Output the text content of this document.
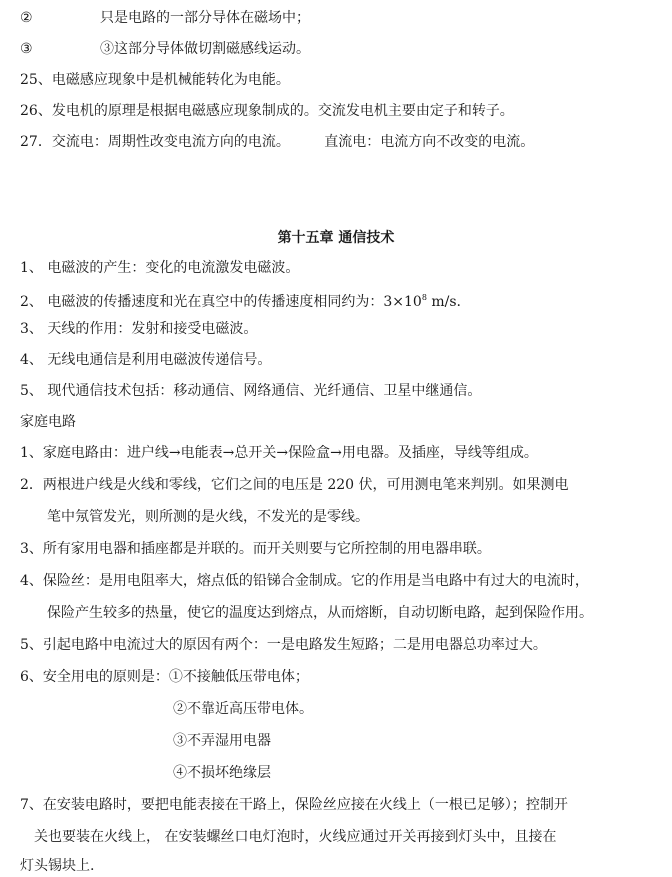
②	只是电路的一部分导体在磁场中；
③	③这部分导体做切割磁感线运动。
25、电磁感应现象中是机械能转化为电能。
26、发电机的原理是根据电磁感应现象制成的。交流发电机主要由定子和转子。
27．交流电：周期性改变电流方向的电流。 直流电：电流方向不改变的电流。
第十五章 通信技术
1、 电磁波的产生：变化的电流激发电磁波。
2、 电磁波的传播速度和光在真空中的传播速度相同约为：$3\times 10^8$ m/s.
3、 天线的作用：发射和接受电磁波。
4、 无线电通信是利用电磁波传递信号。
5、 现代通信技术包括：移动通信、网络通信、光纤通信、卫星中继通信。
家庭电路
1、家庭电路由：进户线→电能表→总开关→保险盒→用电器。及插座，导线等组成。
2．两根进户线是火线和零线，它们之间的电压是 220 伏，可用测电笔来判别。如果测电
笔中氖管发光，则所测的是火线，不发光的是零线。
3、所有家用电器和插座都是并联的。而开关则要与它所控制的用电器串联。
4、保险丝：是用电阻率大，熔点低的铅锑合金制成。它的作用是当电路中有过大的电流时，
保险产生较多的热量，使它的温度达到熔点，从而熔断，自动切断电路，起到保险作用。
5、引起电路中电流过大的原因有两个：一是电路发生短路；二是用电器总功率过大。
6、安全用电的原则是：①不接触低压带电体；
②不靠近高压带电体。
③不弄湿用电器
④不损坏绝缘层
7、在安装电路时，要把电能表接在干路上，保险丝应接在火线上（一根已足够）；控制开
关也要装在火线上， 在安装螺丝口电灯泡时，火线应通过开关再接到灯头中，且接在
灯头锡块上.
